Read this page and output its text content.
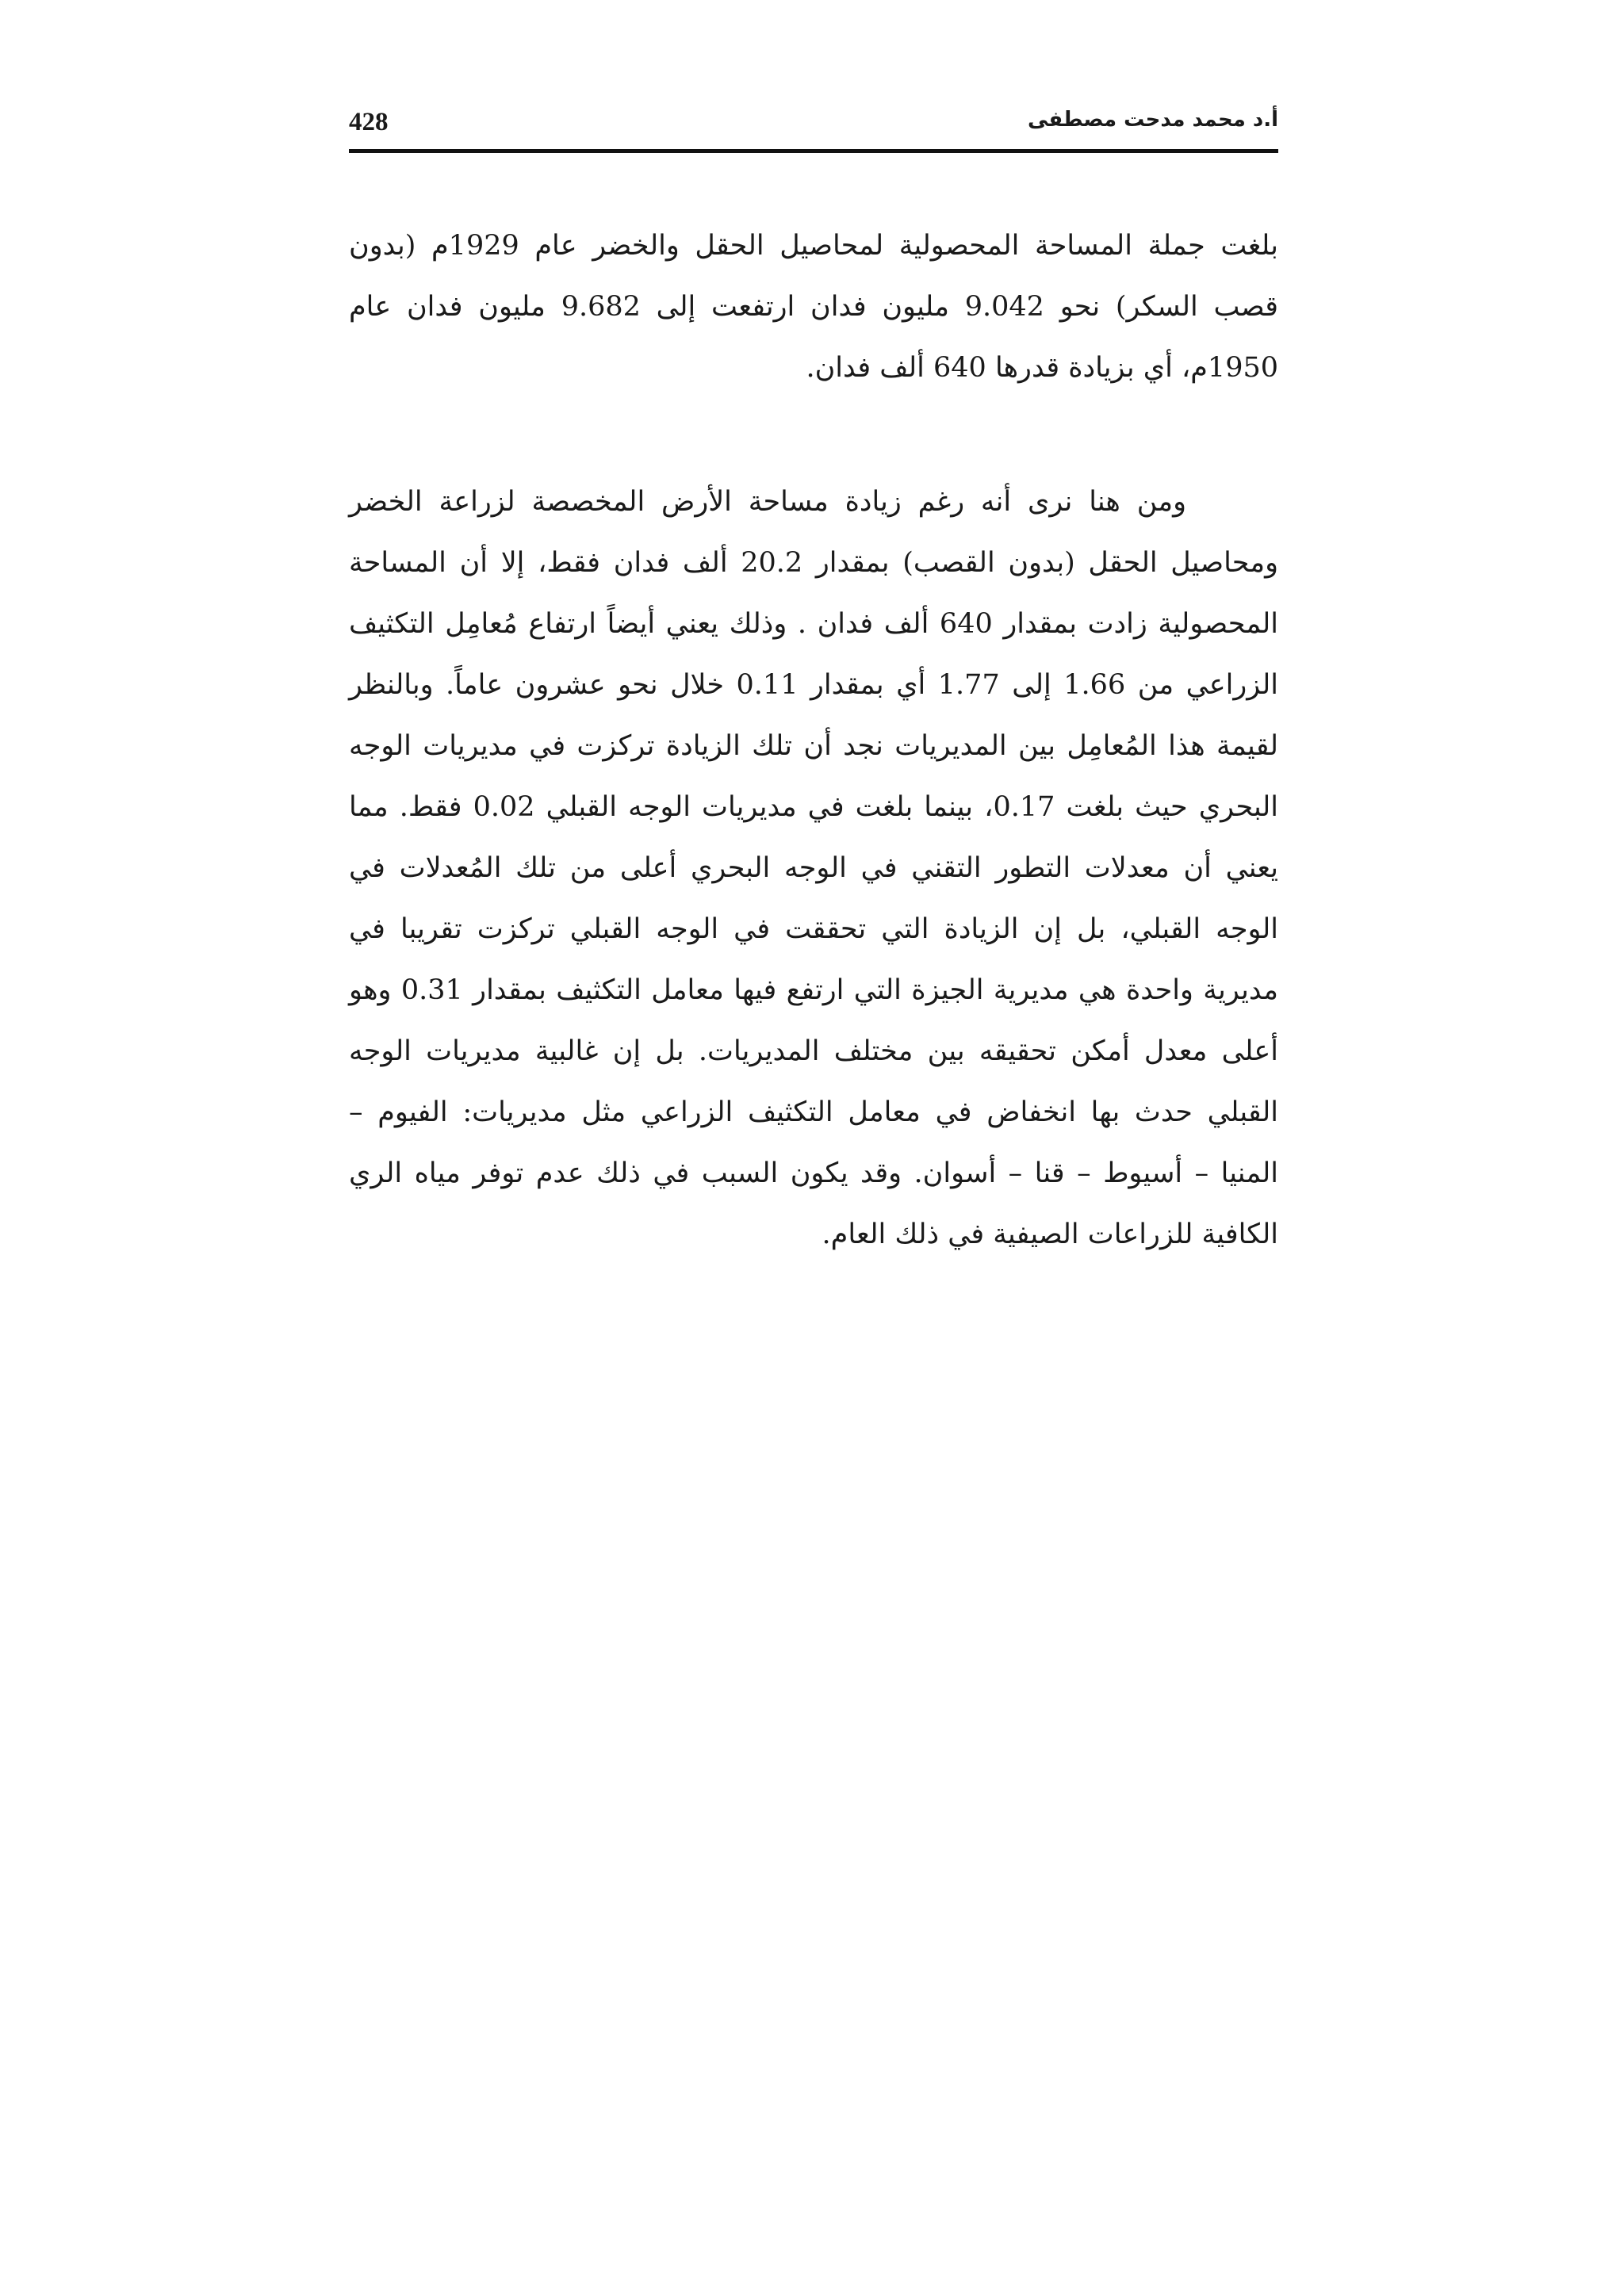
428	أ.د محمد مدحت مصطفى

بلغت جملة المساحة المحصولية لمحاصيل الحقل والخضر عام 1929م (بدون قصب السكر) نحو 9.042 مليون فدان ارتفعت إلى 9.682 مليون فدان عام 1950م، أي بزيادة قدرها 640 ألف فدان.

ومن هنا نرى أنه رغم زيادة مساحة الأرض المخصصة لزراعة الخضر ومحاصيل الحقل (بدون القصب) بمقدار 20.2 ألف فدان فقط، إلا أن المساحة المحصولية زادت بمقدار 640 ألف فدان . وذلك يعني أيضاً ارتفاع مُعامِل التكثيف الزراعي من 1.66 إلى 1.77 أي بمقدار 0.11 خلال نحو عشرون عاماً. وبالنظر لقيمة هذا المُعامِل بين المديريات نجد أن تلك الزيادة تركزت في مديريات الوجه البحري حيث بلغت 0.17، بينما بلغت في مديريات الوجه القبلي 0.02 فقط. مما يعني أن معدلات التطور التقني في الوجه البحري أعلى من تلك المُعدلات في الوجه القبلي، بل إن الزيادة التي تحققت في الوجه القبلي تركزت تقريبا في مديرية واحدة هي مديرية الجيزة التي ارتفع فيها معامل التكثيف بمقدار 0.31 وهو أعلى معدل أمكن تحقيقه بين مختلف المديريات. بل إن غالبية مديريات الوجه القبلي حدث بها انخفاض في معامل التكثيف الزراعي مثل مديريات: الفيوم – المنيا – أسيوط – قنا – أسوان. وقد يكون السبب في ذلك عدم توفر مياه الري الكافية للزراعات الصيفية في ذلك العام.
